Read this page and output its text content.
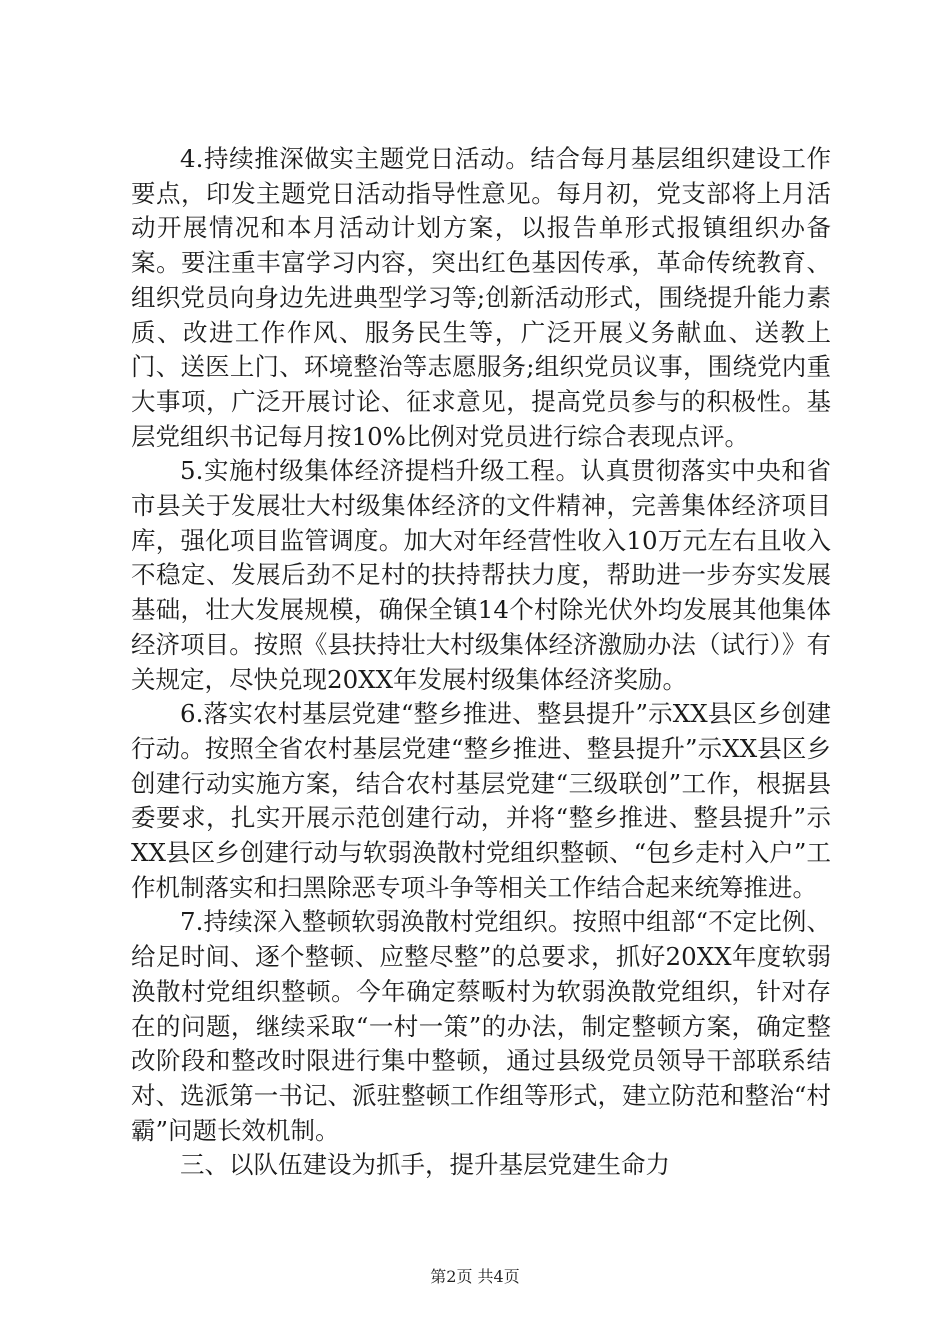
4.持续推深做实主题党日活动。结合每月基层组织建设工作要点，印发主题党日活动指导性意见。每月初，党支部将上月活动开展情况和本月活动计划方案，以报告单形式报镇组织办备案。要注重丰富学习内容，突出红色基因传承，革命传统教育、组织党员向身边先进典型学习等;创新活动形式，围绕提升能力素质、改进工作作风、服务民生等，广泛开展义务献血、送教上门、送医上门、环境整治等志愿服务;组织党员议事，围绕党内重大事项，广泛开展讨论、征求意见，提高党员参与的积极性。基层党组织书记每月按10%比例对党员进行综合表现点评。

5.实施村级集体经济提档升级工程。认真贯彻落实中央和省市县关于发展壮大村级集体经济的文件精神，完善集体经济项目库，强化项目监管调度。加大对年经营性收入10万元左右且收入不稳定、发展后劲不足村的扶持帮扶力度，帮助进一步夯实发展基础，壮大发展规模，确保全镇14个村除光伏外均发展其他集体经济项目。按照《县扶持壮大村级集体经济激励办法（试行）》有关规定，尽快兑现20XX年发展村级集体经济奖励。

6.落实农村基层党建“整乡推进、整县提升”示XX县区乡创建行动。按照全省农村基层党建“整乡推进、整县提升”示XX县区乡创建行动实施方案，结合农村基层党建“三级联创”工作，根据县委要求，扎实开展示范创建行动，并将“整乡推进、整县提升”示XX县区乡创建行动与软弱涣散村党组织整顿、“包乡走村入户”工作机制落实和扫黑除恶专项斗争等相关工作结合起来统筹推进。

7.持续深入整顿软弱涣散村党组织。按照中组部“不定比例、给足时间、逐个整顿、应整尽整”的总要求，抓好20XX年度软弱涣散村党组织整顿。今年确定蔡畈村为软弱涣散党组织，针对存在的问题，继续采取“一村一策”的办法，制定整顿方案，确定整改阶段和整改时限进行集中整顿，通过县级党员领导干部联系结对、选派第一书记、派驻整顿工作组等形式，建立防范和整治“村霸”问题长效机制。

三、以队伍建设为抓手，提升基层党建生命力

第2页 共4页
